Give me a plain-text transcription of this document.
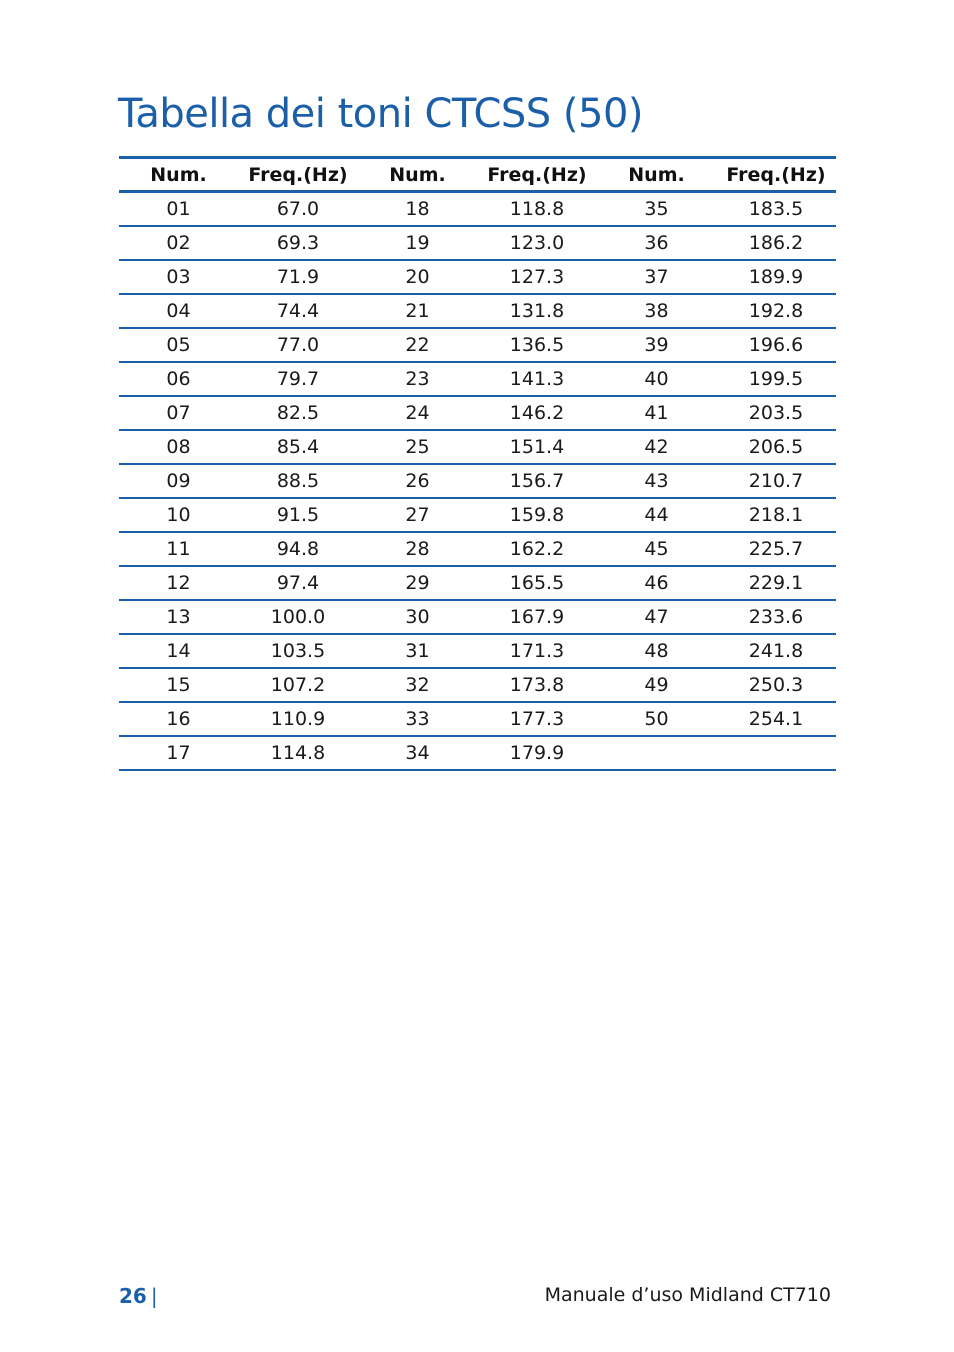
Tabella dei toni CTCSS (50)
Num.	Freq.(Hz)	Num.	Freq.(Hz)	Num.	Freq.(Hz)
01	67.0	18	118.8	35	183.5
02	69.3	19	123.0	36	186.2
03	71.9	20	127.3	37	189.9
04	74.4	21	131.8	38	192.8
05	77.0	22	136.5	39	196.6
06	79.7	23	141.3	40	199.5
07	82.5	24	146.2	41	203.5
08	85.4	25	151.4	42	206.5
09	88.5	26	156.7	43	210.7
10	91.5	27	159.8	44	218.1
11	94.8	28	162.2	45	225.7
12	97.4	29	165.5	46	229.1
13	100.0	30	167.9	47	233.6
14	103.5	31	171.3	48	241.8
15	107.2	32	173.8	49	250.3
16	110.9	33	177.3	50	254.1
17	114.8	34	179.9		
26 |	Manuale d’uso Midland CT710
